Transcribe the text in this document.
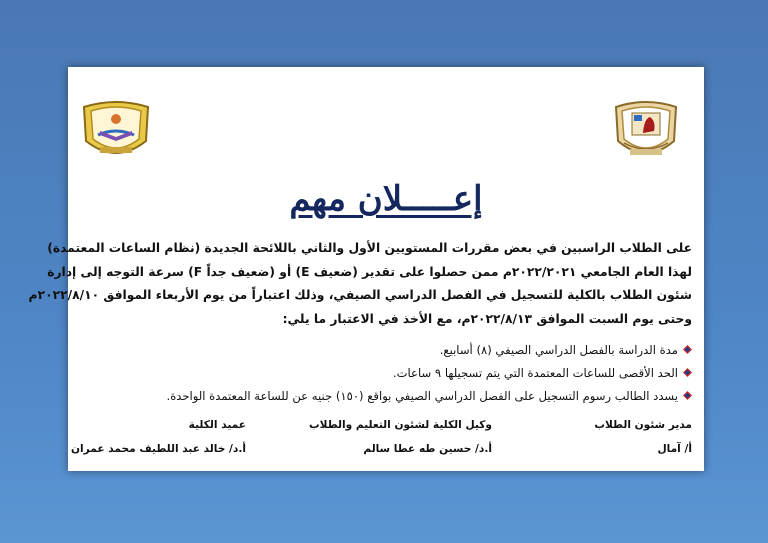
إعـــــلان مهم

على الطلاب الراسبين في بعض مقررات المستويين الأول والثاني باللائحة الجديدة (نظام الساعات المعتمدة)

لهذا العام الجامعي ٢٠٢٢/٢٠٢١م ممن حصلوا على تقدير (ضعيف E) أو (ضعيف جداً F) سرعة التوجه إلى إدارة

شئون الطلاب بالكلية للتسجيل في الفصل الدراسي الصيفي، وذلك اعتباراً من يوم الأربعاء الموافق ٢٠٢٢/٨/١٠م

وحتى يوم السبت الموافق ٢٠٢٢/٨/١٣م، مع الأخذ في الاعتبار ما يلي:

مدة الدراسة بالفصل الدراسي الصيفي (٨) أسابيع.
الحد الأقصى للساعات المعتمدة التي يتم تسجيلها ٩ ساعات.
يسدد الطالب رسوم التسجيل على الفصل الدراسي الصيفي بواقع (١٥٠) جنيه عن للساعة المعتمدة الواحدة.
مدير شئون الطلاب
أ/ آمال
وكيل الكلية لشئون التعليم والطلاب
أ.د/ حسين طه عطا سالم
عميد الكلية
أ.د/ خالد عبد اللطيف محمد عمران
